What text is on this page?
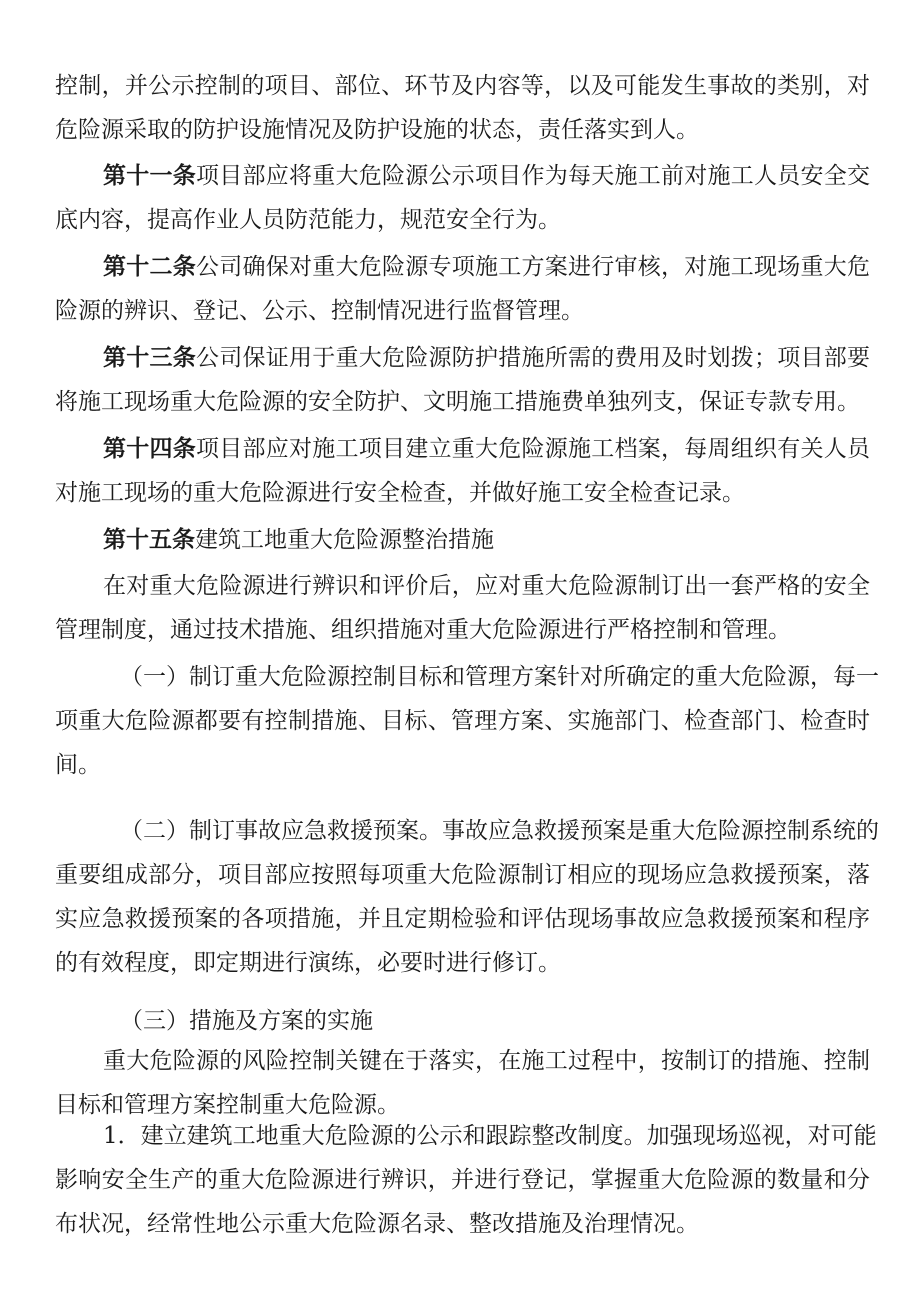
控制，并公示控制的项目、部位、环节及内容等，以及可能发生事故的类别，对
危险源采取的防护设施情况及防护设施的状态，责任落实到人。

第十一条项目部应将重大危险源公示项目作为每天施工前对施工人员安全交
底内容，提高作业人员防范能力，规范安全行为。

第十二条公司确保对重大危险源专项施工方案进行审核，对施工现场重大危
险源的辨识、登记、公示、控制情况进行监督管理。

第十三条公司保证用于重大危险源防护措施所需的费用及时划拨；项目部要
将施工现场重大危险源的安全防护、文明施工措施费单独列支，保证专款专用。

第十四条项目部应对施工项目建立重大危险源施工档案，每周组织有关人员
对施工现场的重大危险源进行安全检查，并做好施工安全检查记录。

第十五条建筑工地重大危险源整治措施

在对重大危险源进行辨识和评价后，应对重大危险源制订出一套严格的安全
管理制度，通过技术措施、组织措施对重大危险源进行严格控制和管理。

（一）制订重大危险源控制目标和管理方案针对所确定的重大危险源，每一
项重大危险源都要有控制措施、目标、管理方案、实施部门、检查部门、检查时
间。

（二）制订事故应急救援预案。事故应急救援预案是重大危险源控制系统的
重要组成部分，项目部应按照每项重大危险源制订相应的现场应急救援预案，落
实应急救援预案的各项措施，并且定期检验和评估现场事故应急救援预案和程序
的有效程度，即定期进行演练，必要时进行修订。

（三）措施及方案的实施

重大危险源的风险控制关键在于落实，在施工过程中，按制订的措施、控制
目标和管理方案控制重大危险源。

1．建立建筑工地重大危险源的公示和跟踪整改制度。加强现场巡视，对可能
影响安全生产的重大危险源进行辨识，并进行登记，掌握重大危险源的数量和分
布状况，经常性地公示重大危险源名录、整改措施及治理情况。
